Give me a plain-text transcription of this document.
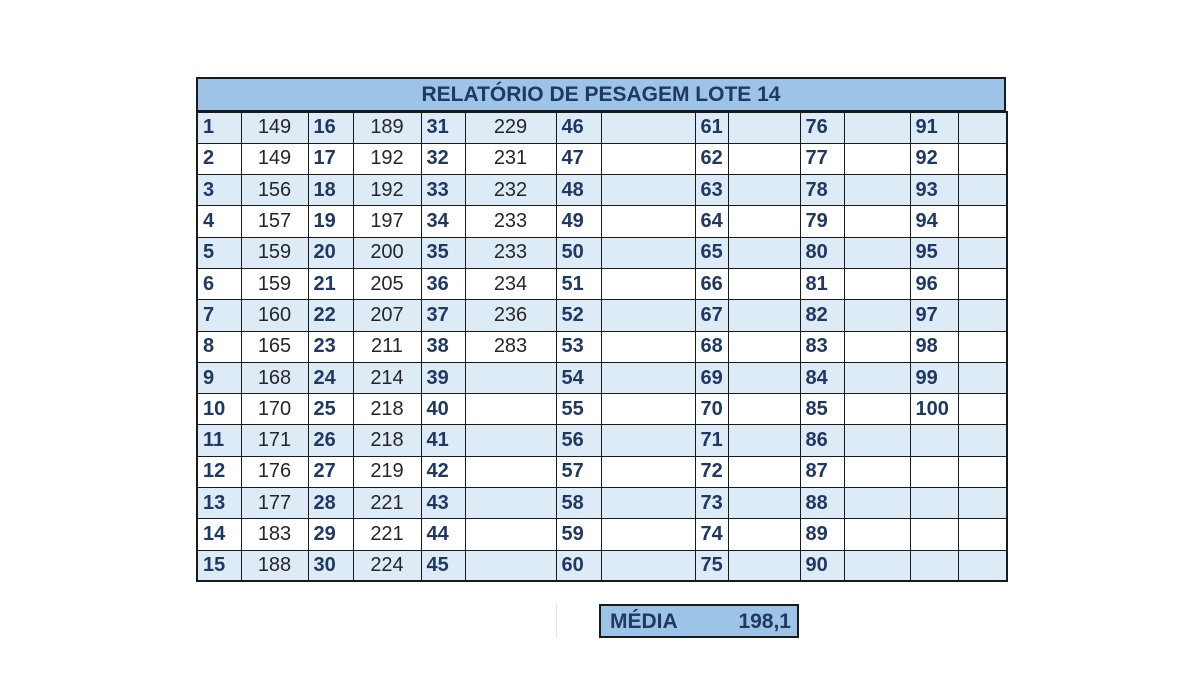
RELATÓRIO DE PESAGEM LOTE 14
1	149	16	189	31	229	46		61		76		91	
2	149	17	192	32	231	47		62		77		92	
3	156	18	192	33	232	48		63		78		93	
4	157	19	197	34	233	49		64		79		94	
5	159	20	200	35	233	50		65		80		95	
6	159	21	205	36	234	51		66		81		96	
7	160	22	207	37	236	52		67		82		97	
8	165	23	211	38	283	53		68		83		98	
9	168	24	214	39		54		69		84		99	
10	170	25	218	40		55		70		85		100	
11	171	26	218	41		56		71		86			
12	176	27	219	42		57		72		87			
13	177	28	221	43		58		73		88			
14	183	29	221	44		59		74		89			
15	188	30	224	45		60		75		90			
MÉDIA	198,1
